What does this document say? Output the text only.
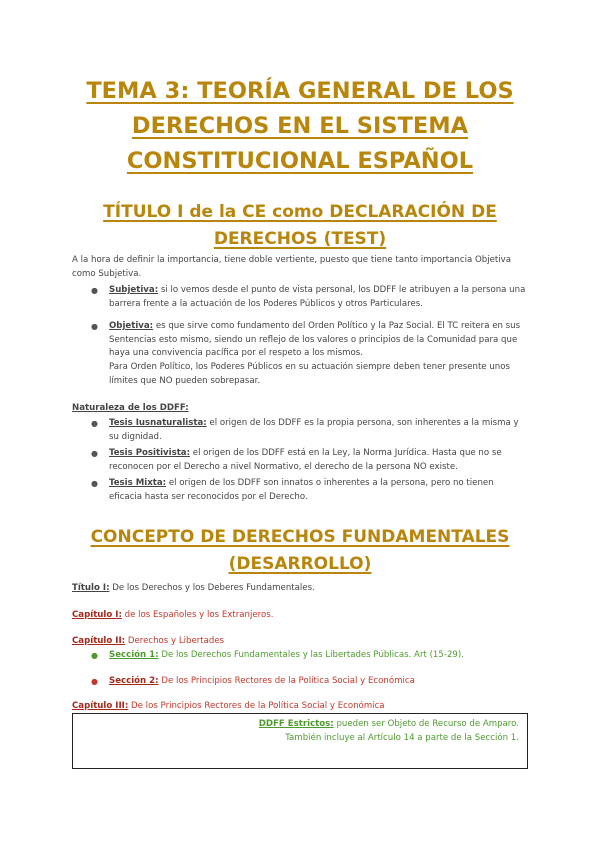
TEMA 3: TEORÍA GENERAL DE LOS
DERECHOS EN EL SISTEMA
CONSTITUCIONAL ESPAÑOL
TÍTULO I de la CE como DECLARACIÓN DE
DERECHOS (TEST)

A la hora de definir la importancia, tiene doble vertiente, puesto que tiene tanto importancia Objetiva como Subjetiva.

● Subjetiva: si lo vemos desde el punto de vista personal, los DDFF le atribuyen a la persona una barrera frente a la actuación de los Poderes Públicos y otros Particulares.

● Objetiva: es que sirve como fundamento del Orden Político y la Paz Social. El TC reitera en sus Sentencias esto mismo, siendo un reflejo de los valores o principios de la Comunidad para que haya una convivencia pacífica por el respeto a los mismos.

Para Orden Político, los Poderes Públicos en su actuación siempre deben tener presente unos límites que NO pueden sobrepasar.

Naturaleza de los DDFF:

● Tesis Iusnaturalista: el origen de los DDFF es la propia persona, son inherentes a la misma y su dignidad.

● Tesis Positivista: el origen de los DDFF está en la Ley, la Norma Jurídica. Hasta que no se reconocen por el Derecho a nivel Normativo, el derecho de la persona NO existe.

● Tesis Mixta: el origen de los DDFF son innatos o inherentes a la persona, pero no tienen eficacia hasta ser reconocidos por el Derecho.

CONCEPTO DE DERECHOS FUNDAMENTALES
(DESARROLLO)

Título I: De los Derechos y los Deberes Fundamentales.

Capítulo I: de los Españoles y los Extranjeros.

Capítulo II: Derechos y Libertades

● Sección 1: De los Derechos Fundamentales y las Libertades Públicas. Art (15-29).

● Sección 2: De los Principios Rectores de la Política Social y Económica

Capítulo III: De los Principios Rectores de la Política Social y Económica

DDFF Estrictos: pueden ser Objeto de Recurso de Amparo.
También incluye al Artículo 14 a parte de la Sección 1.
